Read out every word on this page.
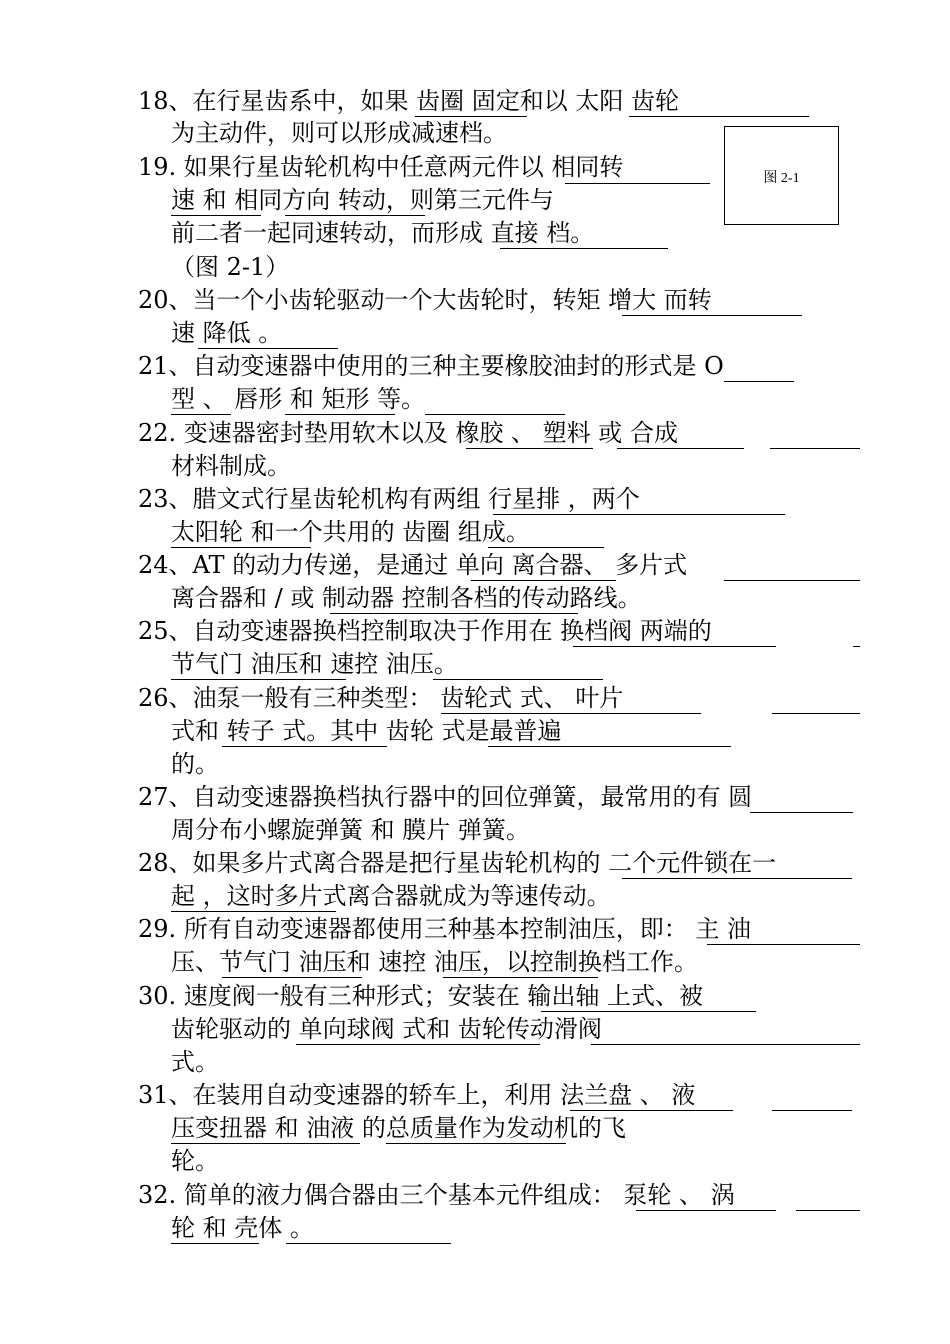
18、在行星齿系中，如果 齿圈 固定和以 太阳 齿轮
为主动件，则可以形成减速档。
19. 如果行星齿轮机构中任意两元件以 相同转
速 和 相同方向 转动，则第三元件与
前二者一起同速转动，而形成 直接 档。
（图 2-1）
20、当一个小齿轮驱动一个大齿轮时，转矩 增大 而转
速 降低 。
21、自动变速器中使用的三种主要橡胶油封的形式是 O
型 、 唇形 和 矩形 等。
22. 变速器密封垫用软木以及 橡胶 、 塑料 或 合成
材料制成。
23、腊文式行星齿轮机构有两组 行星排 ，两个
太阳轮 和一个共用的 齿圈 组成。
24、AT 的动力传递，是通过 单向 离合器、 多片式
离合器和 / 或 制动器 控制各档的传动路线。
25、自动变速器换档控制取决于作用在 换档阀 两端的
节气门 油压和 速控 油压。
26、油泵一般有三种类型： 齿轮式 式、 叶片
式和 转子 式。其中 齿轮 式是最普遍
的。
27、自动变速器换档执行器中的回位弹簧，最常用的有 圆
周分布小螺旋弹簧 和 膜片 弹簧。
28、如果多片式离合器是把行星齿轮机构的 二个元件锁在一
起 ，这时多片式离合器就成为等速传动。
29. 所有自动变速器都使用三种基本控制油压，即： 主 油
压、节气门 油压和 速控 油压，以控制换档工作。
30. 速度阀一般有三种形式；安装在 输出轴 上式、被
齿轮驱动的 单向球阀 式和 齿轮传动滑阀
式。
31、在装用自动变速器的轿车上，利用 法兰盘 、 液
压变扭器 和 油液 的总质量作为发动机的飞
轮。
32. 简单的液力偶合器由三个基本元件组成： 泵轮 、 涡
轮 和 壳体 。
图 2-1
